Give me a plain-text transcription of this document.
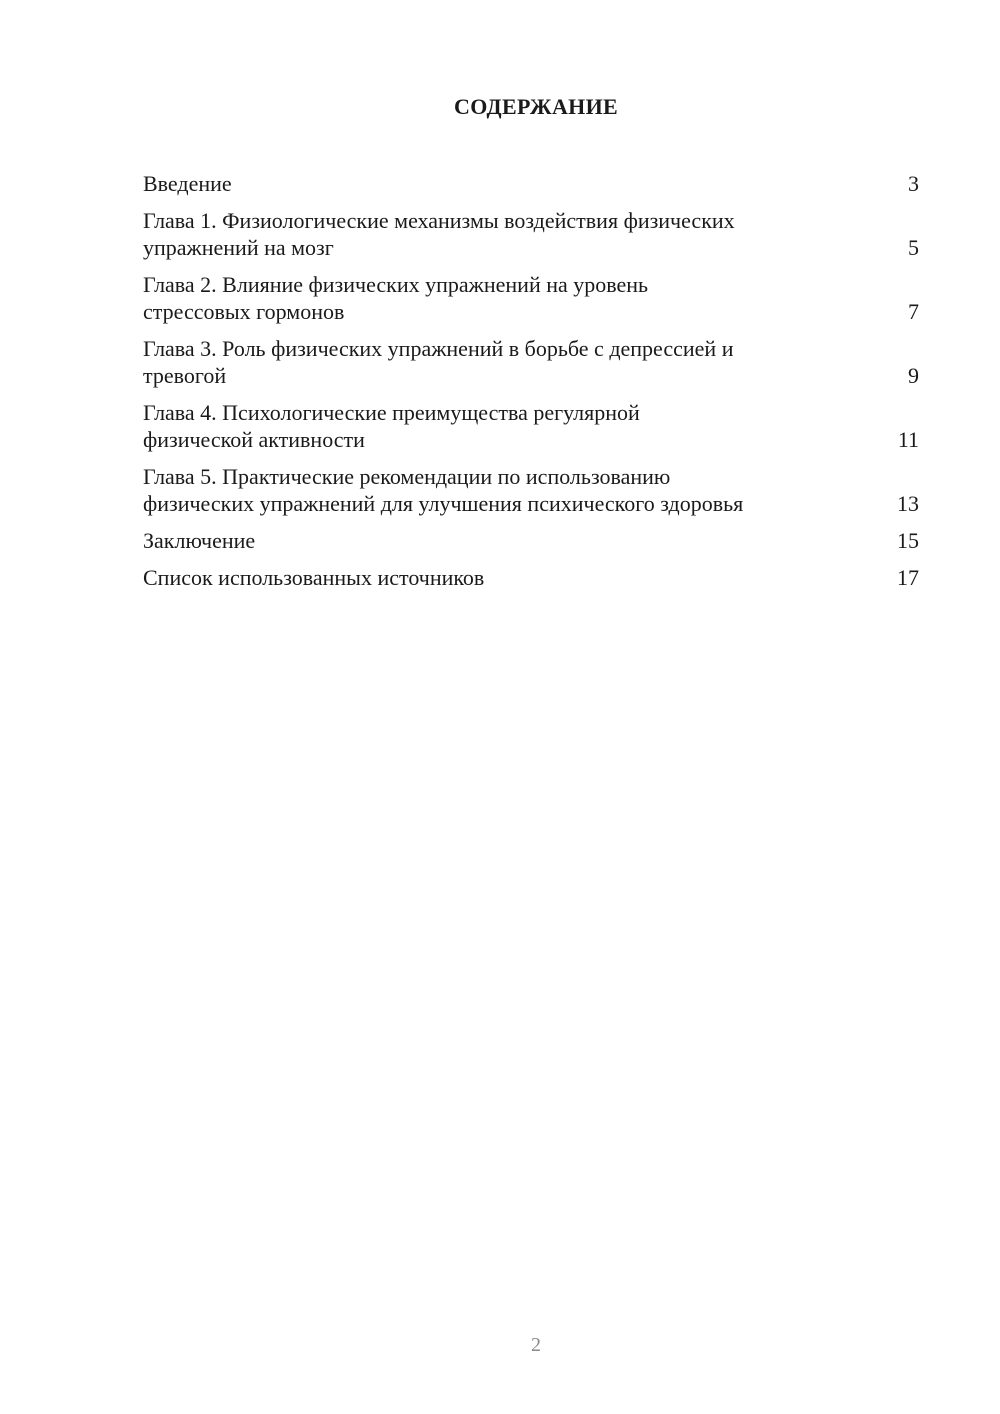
СОДЕРЖАНИЕ
Введение	3
Глава 1. Физиологические механизмы воздействия физических
упражнений на мозг	5
Глава 2. Влияние физических упражнений на уровень
стрессовых гормонов	7
Глава 3. Роль физических упражнений в борьбе с депрессией и
тревогой	9
Глава 4. Психологические преимущества регулярной
физической активности	11
Глава 5. Практические рекомендации по использованию
физических упражнений для улучшения психического здоровья	13
Заключение	15
Список использованных источников	17
2
